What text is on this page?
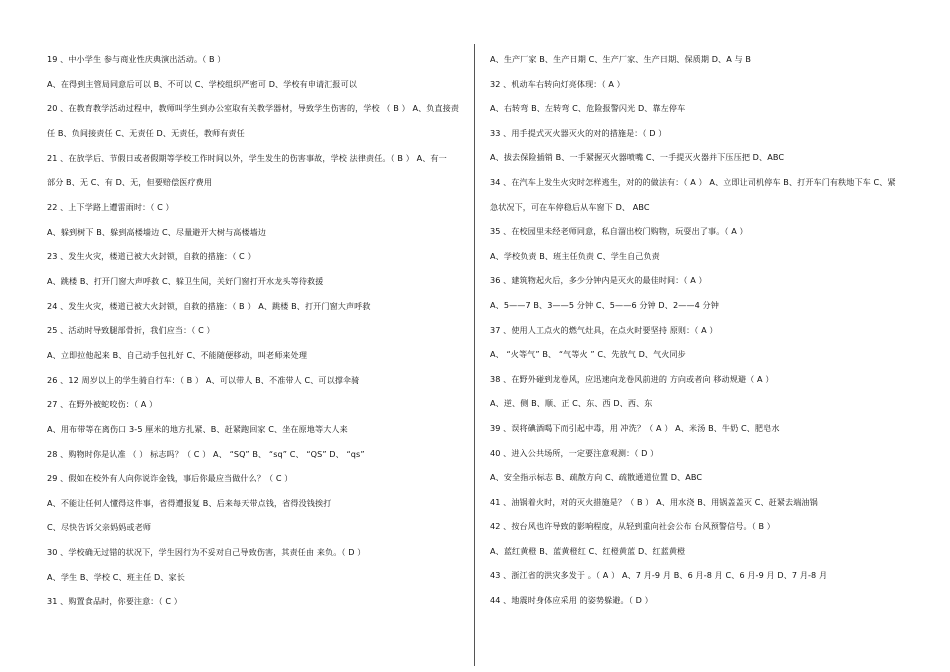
19 、中小学生 参与商业性庆典演出活动。（ B ）
A、在得到主管局同意后可以 B、不可以 C、学校组织严密可 D、学校有申请汇报可以
20 、在教育教学活动过程中，教师叫学生到办公室取有关教学器材，导致学生伤害的，学校 （ B ） A、负直接责
任 B、负间接责任 C、无责任 D、无责任，教师有责任
21 、在放学后、节假日或者假期等学校工作时间以外，学生发生的伤害事故，学校 法律责任。（ B ） A、有一
部分 B、无 C、有 D、无，但要赔偿医疗费用
22 、上下学路上遭雷雨时：（ C ）
A、躲到树下 B、躲到高楼墙边 C、尽量避开大树与高楼墙边
23 、发生火灾，楼道已被大火封锁，自救的措施：（ C ）
A、跳楼 B、打开门窗大声呼救 C、躲卫生间，关好门窗打开水龙头等待救援
24 、发生火灾，楼道已被大火封锁，自救的措施：（ B ） A、跳楼 B、打开门窗大声呼救
25 、活动时导致腿部骨折，我们应当：（ C ）
A、立即拉他起来 B、自己动手包扎好 C、不能随便移动，叫老师来处理
26 、12 周岁以上的学生骑自行车：（ B ） A、可以带人 B、不准带人 C、可以撑伞骑
27 、在野外被蛇咬伤：（ A ）
A、用布带等在离伤口 3-5 厘米的地方扎紧、B、赶紧跑回家 C、坐在原地等大人来
28 、购物时你是认准 （ ） 标志吗？（ C ） A、 “SQ” B、 “sq” C、 “QS” D、 “qs”
29 、假如在校外有人向你说诈金钱，事后你最应当做什么？（ C ）
A、不能让任何人懂得这件事，省得遭报复 B、后来每天带点钱，省得没钱挨打
C、尽快告诉父亲妈妈或老师
30 、学校确无过错的状况下，学生因行为不妥对自己导致伤害，其责任由 来负。（ D ）
A、学生 B、学校 C、班主任 D、家长
31 、购置食品时，你要注意：（ C ）
A、生产厂家 B、生产日期 C、生产厂家、生产日期、保质期 D、A 与 B
32 、机动车右转向灯亮体现：（ A ）
A、右转弯 B、左转弯 C、危险报警闪光 D、靠左停车
33 、用手提式灭火器灭火的对的措施是：（ D ）
A、拔去保险插销 B、一手紧握灭火器喷嘴 C、一手提灭火器并下压压把 D、ABC
34 、在汽车上发生火灾时怎样逃生，对的的做法有：（ A ） A、立即让司机停车 B、打开车门有秩地下车 C、紧
急状况下，可在车停稳后从车窗下 D、 ABC
35 、在校园里未经老师同意，私自溜出校门购物，玩耍出了事。（ A ）
A、学校负责 B、班主任负责 C、学生自己负责
36 、建筑物起火后，多少分钟内是灭火的最佳时间：（ A ）
A、5——7 B、3——5 分钟 C、5——6 分钟 D、2——4 分钟
37 、使用人工点火的燃气灶具，在点火时要坚持 原则：（ A ）
A、 “火等气” B、 “气等火 ” C、先放气 D、气火同步
38 、在野外碰到龙卷风，应迅速向龙卷风前进的 方向或者向 移动规避（ A ）
A、逆、侧 B、顺、正 C、东、西 D、西、东
39 、误将碘酒喝下而引起中毒，用 冲洗？（ A ） A、米汤 B、牛奶 C、肥皂水
40 、进入公共场所，一定要注意观测：（ D ）
A、安全指示标志 B、疏散方向 C、疏散通道位置 D、ABC
41 、油锅着火时，对的灭火措施是？（ B ） A、用水浇 B、用锅盖盖灭 C、赶紧去端油锅
42 、按台风也许导致的影响程度，从轻到重向社会公布 台风预警信号。（ B ）
A、蓝红黄橙 B、蓝黄橙红 C、红橙黄蓝 D、红蓝黄橙
43 、浙江省的洪灾多发于 。（ A ） A、7 月-9 月 B、6 月-8 月 C、6 月-9 月 D、7 月-8 月
44 、地震时身体应采用 的姿势躲避。（ D ）
